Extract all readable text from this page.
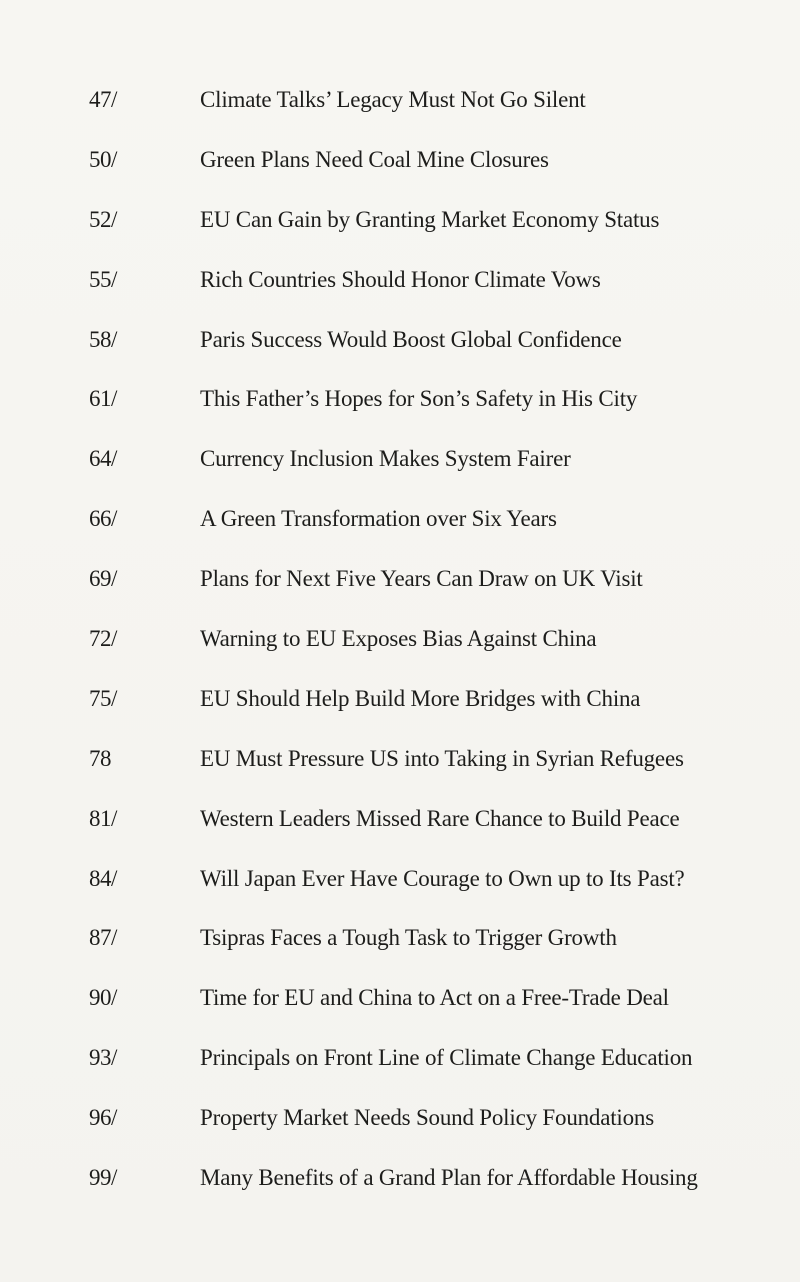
47/	Climate Talks’ Legacy Must Not Go Silent
50/	Green Plans Need Coal Mine Closures
52/	EU Can Gain by Granting Market Economy Status
55/	Rich Countries Should Honor Climate Vows
58/	Paris Success Would Boost Global Confidence
61/	This Father’s Hopes for Son’s Safety in His City
64/	Currency Inclusion Makes System Fairer
66/	A Green Transformation over Six Years
69/	Plans for Next Five Years Can Draw on UK Visit
72/	Warning to EU Exposes Bias Against China
75/	EU Should Help Build More Bridges with China
78	EU Must Pressure US into Taking in Syrian Refugees
81/	Western Leaders Missed Rare Chance to Build Peace
84/	Will Japan Ever Have Courage to Own up to Its Past?
87/	Tsipras Faces a Tough Task to Trigger Growth
90/	Time for EU and China to Act on a Free-Trade Deal
93/	Principals on Front Line of Climate Change Education
96/	Property Market Needs Sound Policy Foundations
99/	Many Benefits of a Grand Plan for Affordable Housing
